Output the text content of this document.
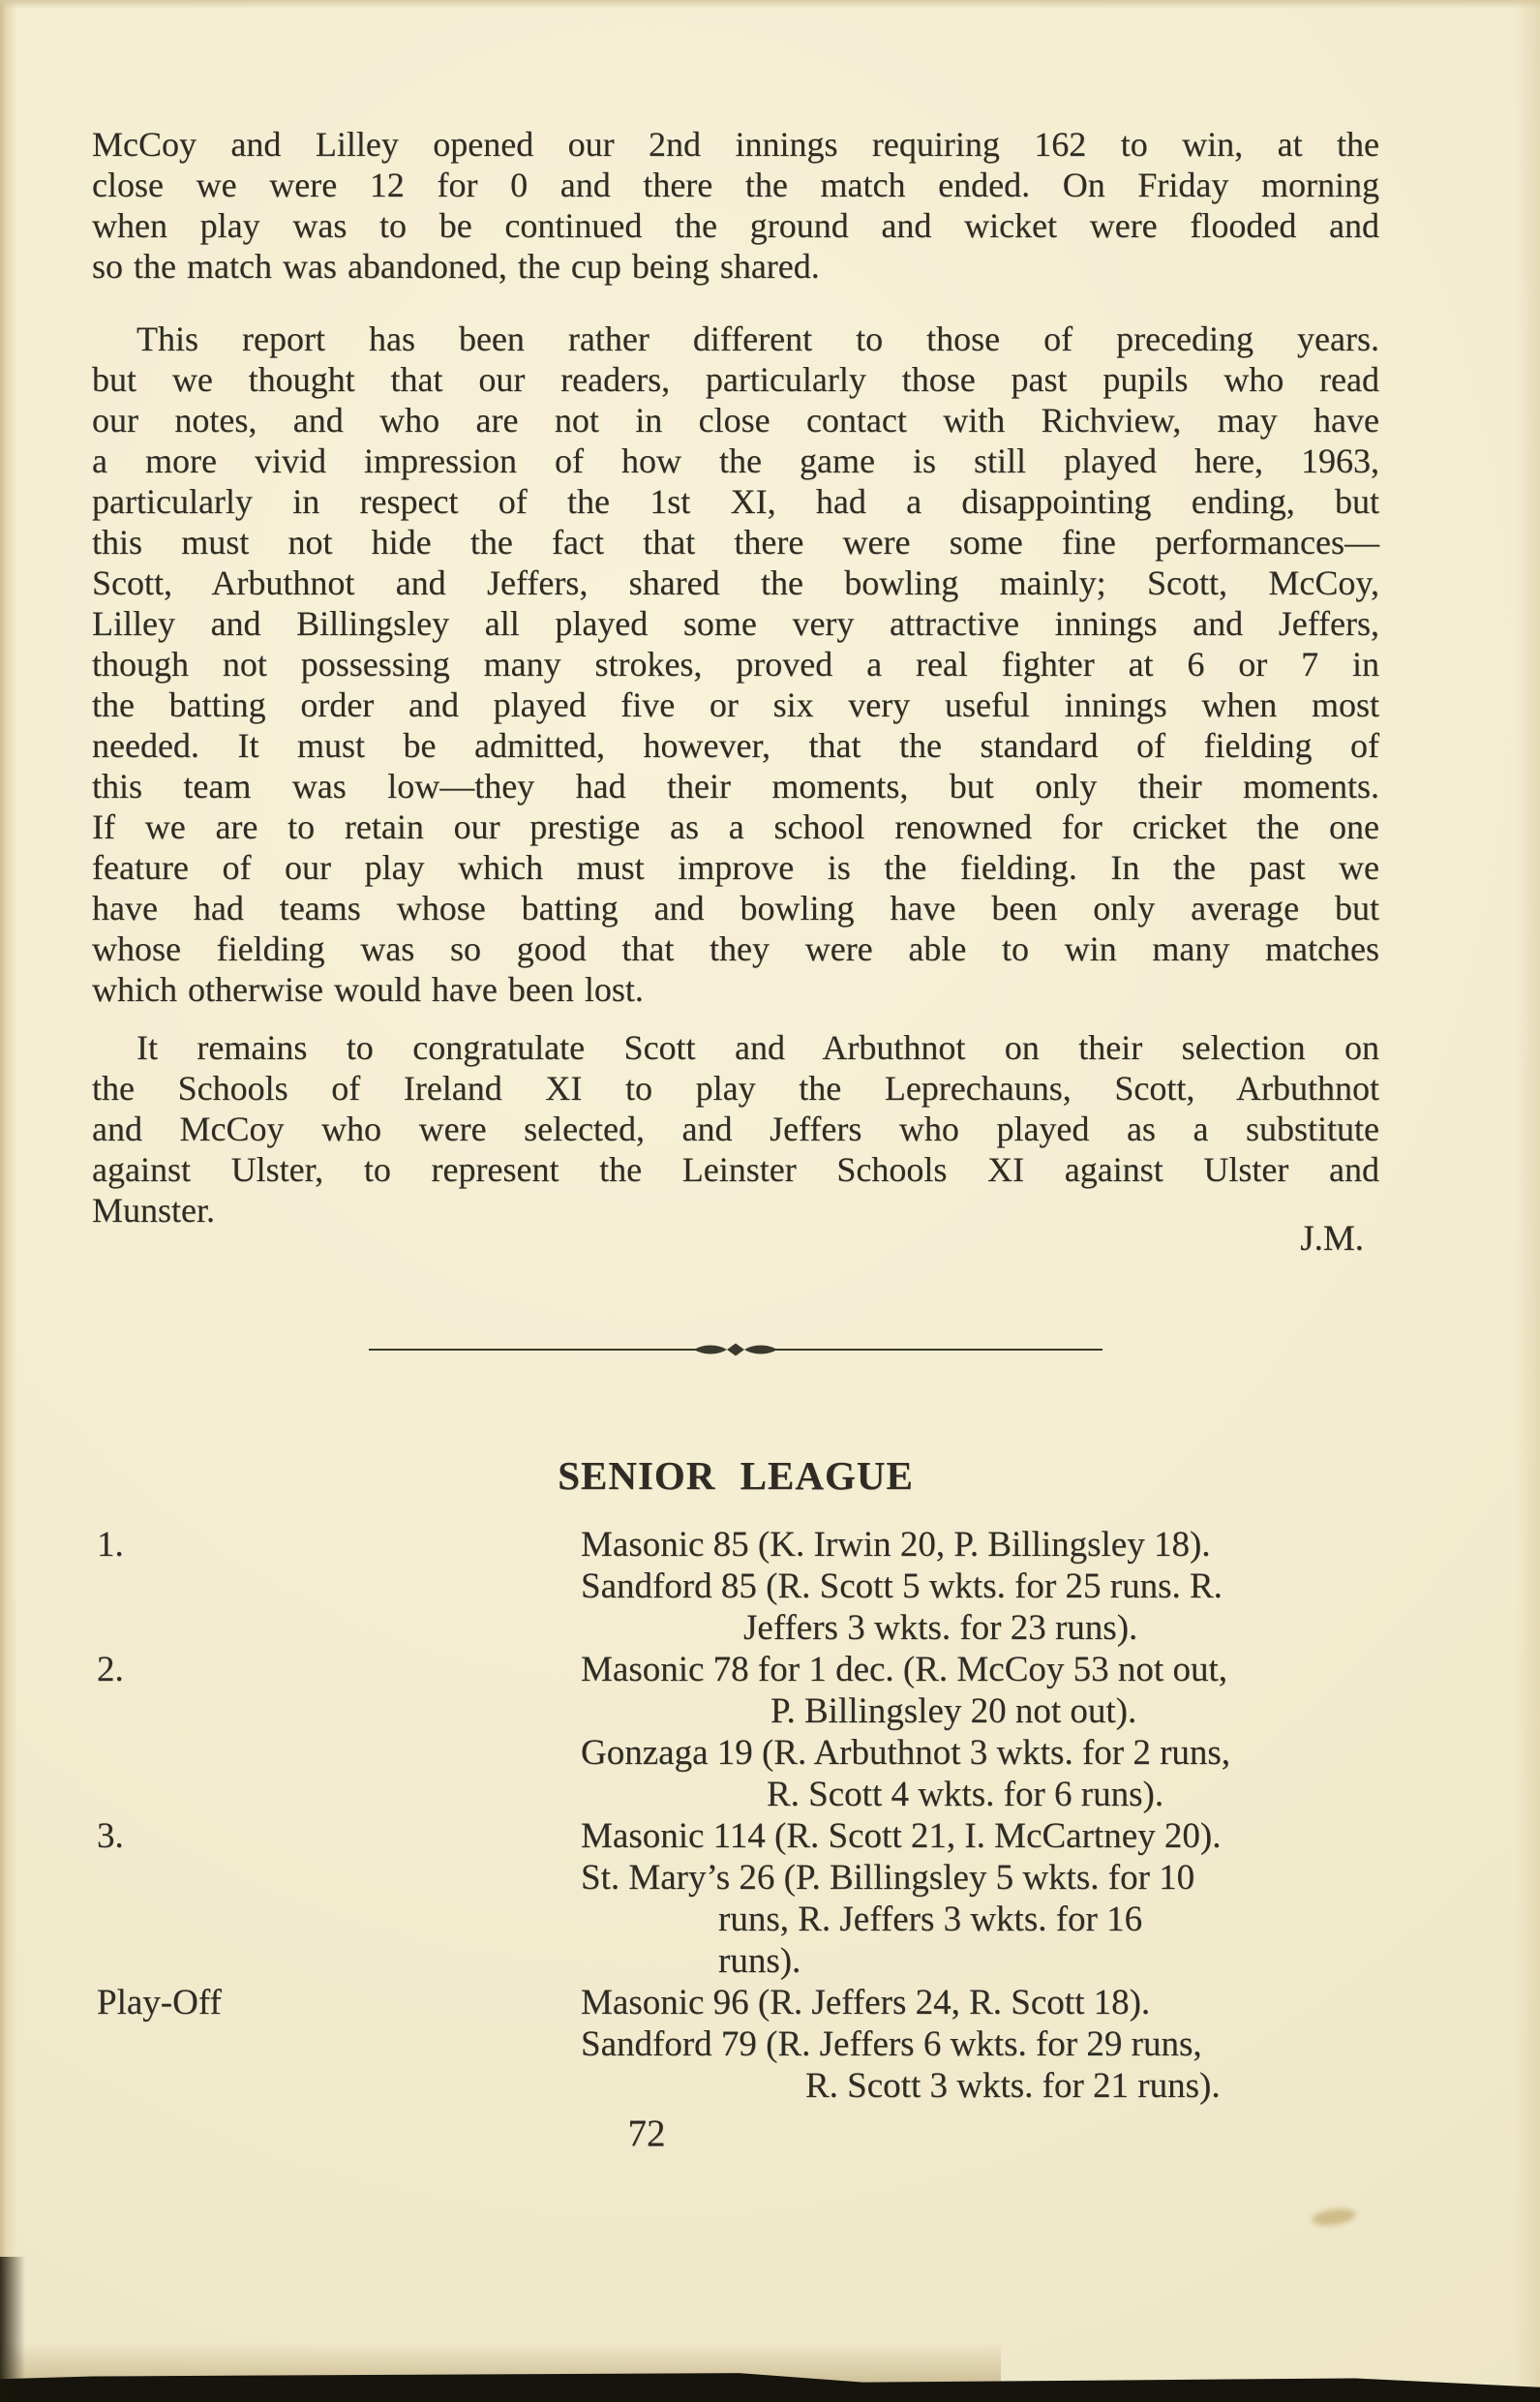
McCoy and Lilley opened our 2nd innings requiring 162 to win, at the
close we were 12 for 0 and there the match ended. On Friday morning
when play was to be continued the ground and wicket were flooded and
so the match was abandoned, the cup being shared.
This report has been rather different to those of preceding years.
but we thought that our readers, particularly those past pupils who read
our notes, and who are not in close contact with Richview, may have
a more vivid impression of how the game is still played here, 1963,
particularly in respect of the 1st XI, had a disappointing ending, but
this must not hide the fact that there were some fine performances—
Scott, Arbuthnot and Jeffers, shared the bowling mainly; Scott, McCoy,
Lilley and Billingsley all played some very attractive innings and Jeffers,
though not possessing many strokes, proved a real fighter at 6 or 7 in
the batting order and played five or six very useful innings when most
needed. It must be admitted, however, that the standard of fielding of
this team was low—they had their moments, but only their moments.
If we are to retain our prestige as a school renowned for cricket the one
feature of our play which must improve is the fielding. In the past we
have had teams whose batting and bowling have been only average but
whose fielding was so good that they were able to win many matches
which otherwise would have been lost.
It remains to congratulate Scott and Arbuthnot on their selection on
the Schools of Ireland XI to play the Leprechauns, Scott, Arbuthnot
and McCoy who were selected, and Jeffers who played as a substitute
against Ulster, to represent the Leinster Schools XI against Ulster and
Munster.
J.M.
SENIOR LEAGUE
1.	Masonic 85 (K. Irwin 20, P. Billingsley 18).
Sandford 85 (R. Scott 5 wkts. for 25 runs. R.
Jeffers 3 wkts. for 23 runs).
2.	Masonic 78 for 1 dec. (R. McCoy 53 not out,
P. Billingsley 20 not out).
Gonzaga 19 (R. Arbuthnot 3 wkts. for 2 runs,
R. Scott 4 wkts. for 6 runs).
3.	Masonic 114 (R. Scott 21, I. McCartney 20).
St. Mary’s 26 (P. Billingsley 5 wkts. for 10
runs, R. Jeffers 3 wkts. for 16
runs).
Play-Off	Masonic 96 (R. Jeffers 24, R. Scott 18).
Sandford 79 (R. Jeffers 6 wkts. for 29 runs,
R. Scott 3 wkts. for 21 runs).
72
